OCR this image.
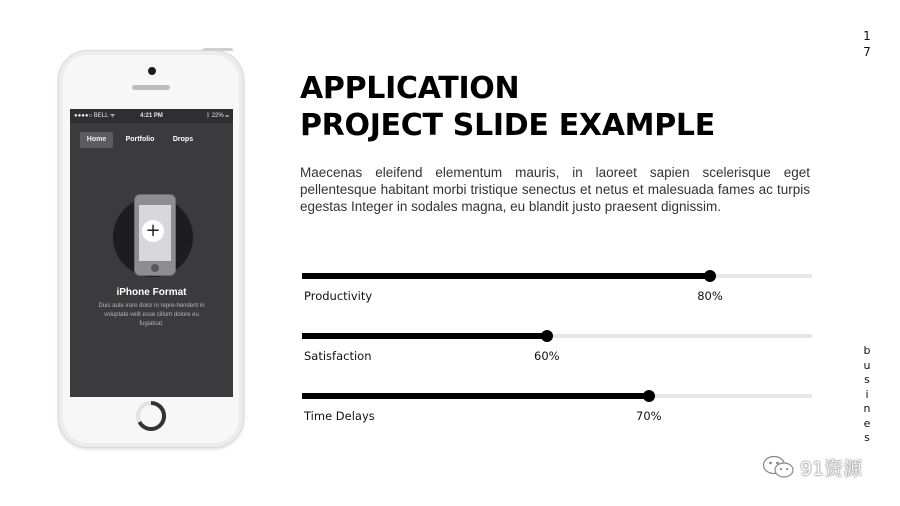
1
7
4:21 PM
●●●●○ BELL ᯤ	ᛒ 22% ▭
Home	Portfolio	Drops
+
iPhone Format
Duis aute irure dolor in repre-hendent in voluptate velit esse cillum dolore eu fugiatcat.
APPLICATION
PROJECT SLIDE EXAMPLE
Maecenas eleifend elementum mauris, in laoreet sapien scelerisque eget pellentesque habitant morbi tristique senectus et netus et malesuada fames ac turpis egestas Integer in sodales magna, eu blandit justo praesent dignissim.
Productivity	80%
Satisfaction	60%
Time Delays	70%
b
u
s
i
n
e
s
91资源
